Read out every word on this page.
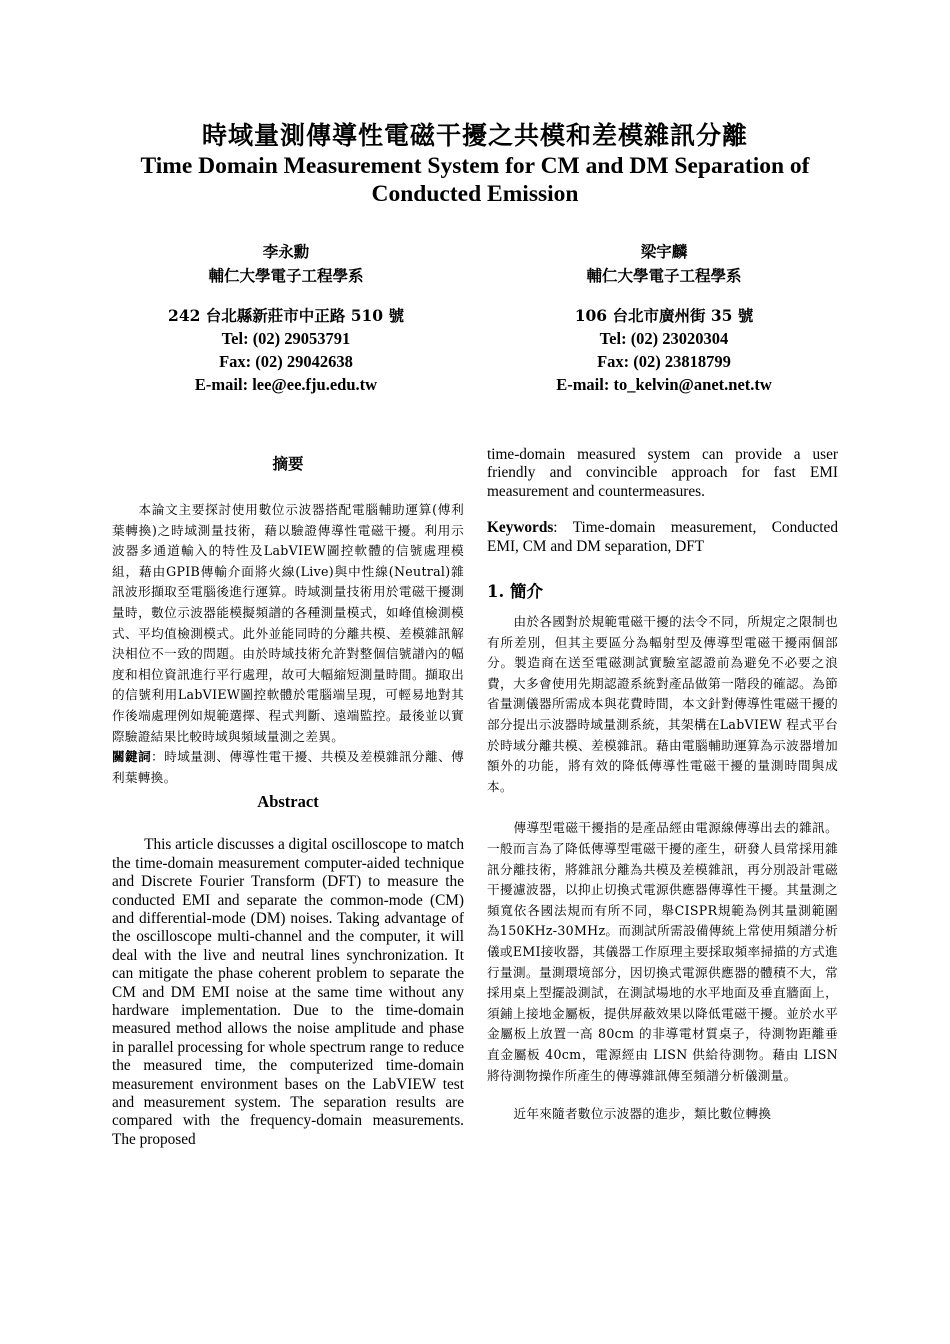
時域量測傳導性電磁干擾之共模和差模雜訊分離
Time Domain Measurement System for CM and DM Separation of Conducted Emission
李永勳
輔仁大學電子工程學系
242 台北縣新莊市中正路 510 號
Tel: (02) 29053791
Fax: (02) 29042638
E-mail: lee@ee.fju.edu.tw
梁宇麟
輔仁大學電子工程學系
106 台北市廣州街 35 號
Tel: (02) 23020304
Fax: (02) 23818799
E-mail: to_kelvin@anet.net.tw
摘要

本論文主要探討使用數位示波器搭配電腦輔助運算(傅利葉轉換)之時域測量技術，藉以驗證傳導性電磁干擾。利用示波器多通道輸入的特性及LabVIEW圖控軟體的信號處理模組，藉由GPIB傳輸介面將火線(Live)與中性線(Neutral)雜訊波形擷取至電腦後進行運算。時域測量技術用於電磁干擾測量時，數位示波器能模擬頻譜的各種測量模式，如峰值檢測模式、平均值檢測模式。此外並能同時的分離共模、差模雜訊解決相位不一致的問題。由於時域技術允許對整個信號譜內的幅度和相位資訊進行平行處理，故可大幅縮短測量時間。擷取出的信號利用LabVIEW圖控軟體於電腦端呈現，可輕易地對其作後端處理例如規範選擇、程式判斷、遠端監控。最後並以實際驗證結果比較時域與頻域量測之差異。

關鍵詞：時域量測、傳導性電干擾、共模及差模雜訊分離、傅利葉轉換。

Abstract

This article discusses a digital oscilloscope to match the time-domain measurement computer-aided technique and Discrete Fourier Transform (DFT) to measure the conducted EMI and separate the common-mode (CM) and differential-mode (DM) noises. Taking advantage of the oscilloscope multi-channel and the computer, it will deal with the live and neutral lines synchronization. It can mitigate the phase coherent problem to separate the CM and DM EMI noise at the same time without any hardware implementation. Due to the time-domain measured method allows the noise amplitude and phase in parallel processing for whole spectrum range to reduce the measured time, the computerized time-domain measurement environment bases on the LabVIEW test and measurement system. The separation results are compared with the frequency-domain measurements. The proposed

time-domain measured system can provide a user friendly and convincible approach for fast EMI measurement and countermeasures.

Keywords: Time-domain measurement, Conducted EMI, CM and DM separation, DFT

1. 簡介

由於各國對於規範電磁干擾的法令不同，所規定之限制也有所差別，但其主要區分為輻射型及傳導型電磁干擾兩個部分。製造商在送至電磁測試實驗室認證前為避免不必要之浪費，大多會使用先期認證系統對產品做第一階段的確認。為節省量測儀器所需成本與花費時間，本文針對傳導性電磁干擾的部分提出示波器時域量測系統，其架構在LabVIEW 程式平台於時域分離共模、差模雜訊。藉由電腦輔助運算為示波器增加額外的功能，將有效的降低傳導性電磁干擾的量測時間與成本。

傳導型電磁干擾指的是產品經由電源線傳導出去的雜訊。一般而言為了降低傳導型電磁干擾的產生，研發人員常採用雜訊分離技術，將雜訊分離為共模及差模雜訊，再分別設計電磁干擾濾波器，以抑止切換式電源供應器傳導性干擾。其量測之頻寬依各國法規而有所不同，舉CISPR規範為例其量測範圍為150KHz-30MHz。而測試所需設備傳統上常使用頻譜分析儀或EMI接收器，其儀器工作原理主要採取頻率掃描的方式進行量測。量測環境部分，因切換式電源供應器的體積不大，常採用桌上型擺設測試，在測試場地的水平地面及垂直牆面上，須鋪上接地金屬板，提供屏蔽效果以降低電磁干擾。並於水平金屬板上放置一高 80cm 的非導電材質桌子，待測物距離垂直金屬板 40cm，電源經由 LISN 供給待測物。藉由 LISN 將待測物操作所產生的傳導雜訊傳至頻譜分析儀測量。

近年來隨者數位示波器的進步，類比數位轉換
